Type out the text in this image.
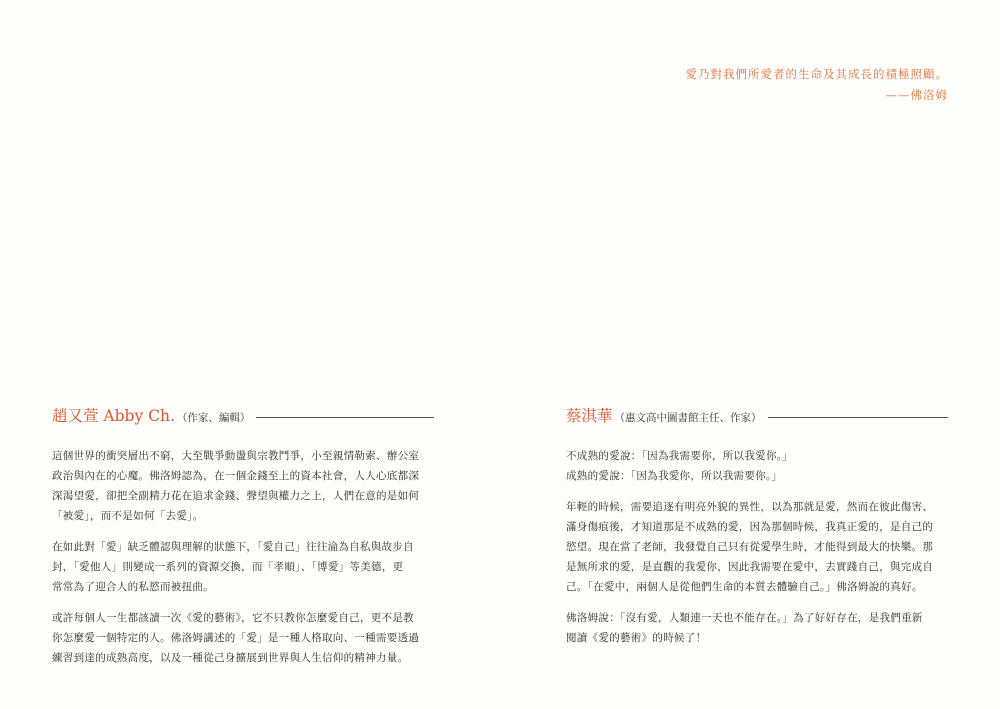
愛乃對我們所愛者的生命及其成長的積極照顧。
——佛洛姆
趙又萱 Abby Ch. （作家、編輯）

這個世界的衝突層出不窮，大至戰爭動盪與宗教鬥爭，小至親情勒索、辦公室
政治與內在的心魔。佛洛姆認為，在一個金錢至上的資本社會，人人心底都深
深渴望愛，卻把全副精力花在追求金錢、聲望與權力之上，人們在意的是如何
「被愛」，而不是如何「去愛」。

在如此對「愛」缺乏體認與理解的狀態下，「愛自己」往往淪為自私與故步自
封，「愛他人」則變成一系列的資源交換，而「孝順」、「博愛」等美德，更
常常為了迎合人的私慾而被扭曲。

或許每個人一生都該讀一次《愛的藝術》，它不只教你怎麼愛自己，更不是教
你怎麼愛一個特定的人。佛洛姆講述的「愛」是一種人格取向、一種需要透過
練習到達的成熟高度，以及一種從己身擴展到世界與人生信仰的精神力量。

蔡淇華 （惠文高中圖書館主任、作家）

不成熟的愛說：「因為我需要你，所以我愛你。」
成熟的愛說：「因為我愛你，所以我需要你。」

年輕的時候，需要追逐有明亮外貌的異性，以為那就是愛，然而在彼此傷害、
滿身傷痕後，才知道那是不成熟的愛，因為那個時候，我真正愛的，是自己的
慾望。現在當了老師，我發覺自己只有從愛學生時，才能得到最大的快樂。那
是無所求的愛，是直觀的我愛你，因此我需要在愛中，去實踐自己，與完成自
己。「在愛中，兩個人是從他們生命的本質去體驗自己。」佛洛姆說的真好。

佛洛姆說：「沒有愛，人類連一天也不能存在。」為了好好存在，是我們重新
閱讀《愛的藝術》的時候了！
